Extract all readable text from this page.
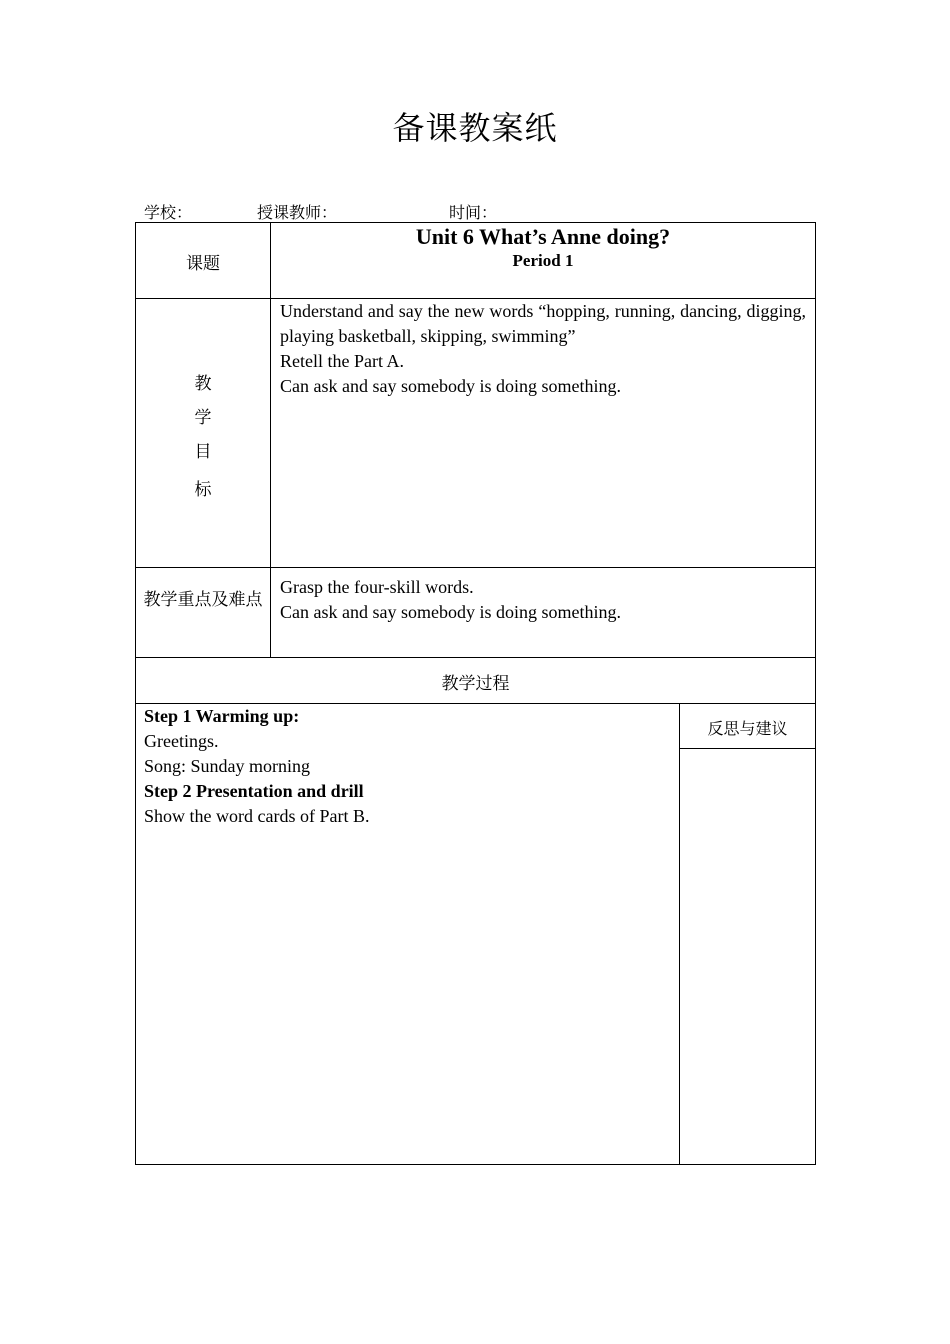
备课教案纸
学校：	授课教师：	时间：
课题
Unit 6 What’s Anne doing?
Period 1
教
学
目
标
Understand and say the new words “hopping, running, dancing, digging, playing basketball, skipping, swimming”
Retell the Part A.
Can ask and say somebody is doing something.
教学重点及难点
Grasp the four-skill words.
Can ask and say somebody is doing something.
教学过程
Step 1 Warming up:
Greetings.
Song: Sunday morning
Step 2 Presentation and drill
Show the word cards of Part B.
反思与建议
